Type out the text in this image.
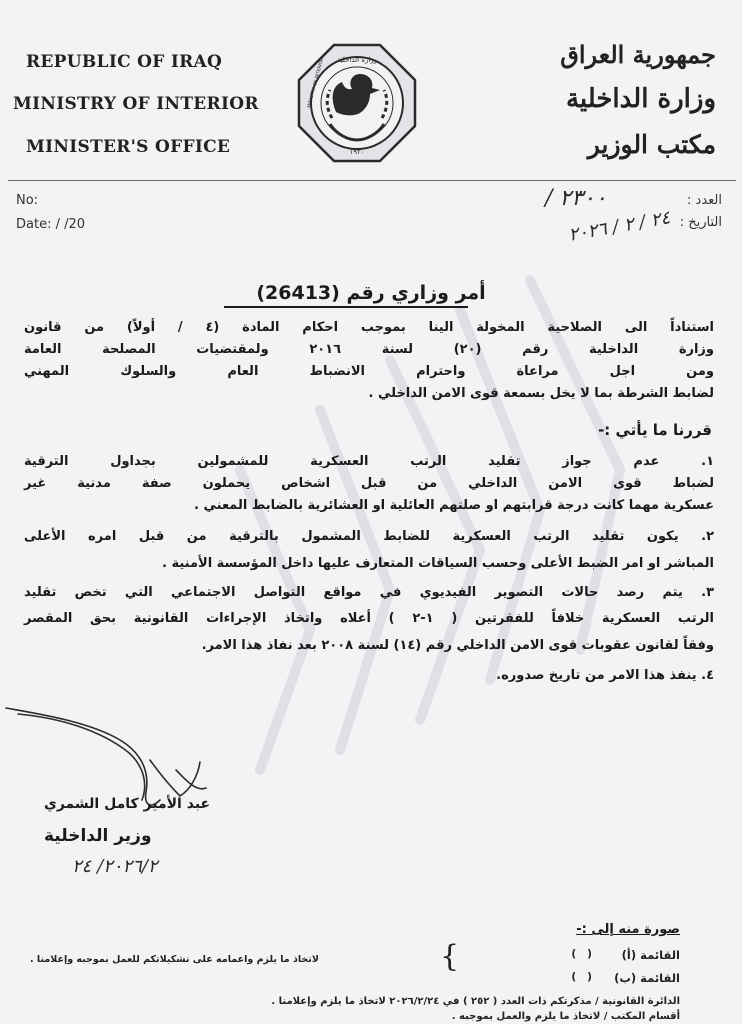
REPUBLIC OF IRAQ
MINISTRY OF INTERIOR
MINISTER'S OFFICE
وزارة الداخلية
١٩٢٠
MINISTRY OF INTERIOR
جمهورية العراق
وزارة الداخلية
مكتب الوزير
No:
Date: / /20
العدد :
التاريخ :
٢٣٠٠ /
٢٤ / ٢ / ٢٠٢٦
أمر وزاري رقم (26413)
استناداً الى الصلاحية المخولة الينا بموجب احكام المادة (٤ / أولاً) من قانون
وزارة الداخلية رقم (٢٠) لسنة ٢٠١٦ ولمقتضيات المصلحة العامة
ومن اجل مراعاة واحترام الانضباط العام والسلوك المهني
لضابط الشرطة بما لا يخل بسمعة قوى الامن الداخلي .
قررنا ما يأتي :-
١. عدم جواز تقليد الرتب العسكرية للمشمولين بجداول الترقية
لضباط قوى الامن الداخلي من قبل اشخاص يحملون صفة مدنية غير
عسكرية مهما كانت درجة قرابتهم او صلتهم العائلية او العشائرية بالضابط المعني .
٢. يكون تقليد الرتب العسكرية للضابط المشمول بالترقية من قبل امره الأعلى
المباشر او امر الضبط الأعلى وحسب السياقات المتعارف عليها داخل المؤسسة الأمنية .
٣. يتم رصد حالات التصوير الفيديوي في مواقع التواصل الاجتماعي التي تخص تقليد
الرتب العسكرية خلافاً للفقرتين ( ١-٢ ) أعلاه واتخاذ الإجراءات القانونية بحق المقصر
وفقاً لقانون عقوبات قوى الامن الداخلي رقم (١٤) لسنة ٢٠٠٨ بعد نفاذ هذا الامر.
٤. ينفذ هذا الامر من تاريخ صدوره.
عبد الأمير كامل الشمري
وزير الداخلية
٢٠٢٦/٢/ ٢٤
صورة منه إلى :-
القائمة (أ)
(   )
القائمة (ب)
(   )
{
لاتخاذ ما يلزم واعمامه على تشكيلاتكم للعمل بموجبه وإعلامنا .
الدائرة القانونية / مذكرتكم ذات العدد ( ٢٥٢ ) في ٢٠٢٦/٢/٢٤ لاتخاذ ما يلزم وإعلامنا .
أقسام المكتب / لاتخاذ ما يلزم والعمل بموجبه .
